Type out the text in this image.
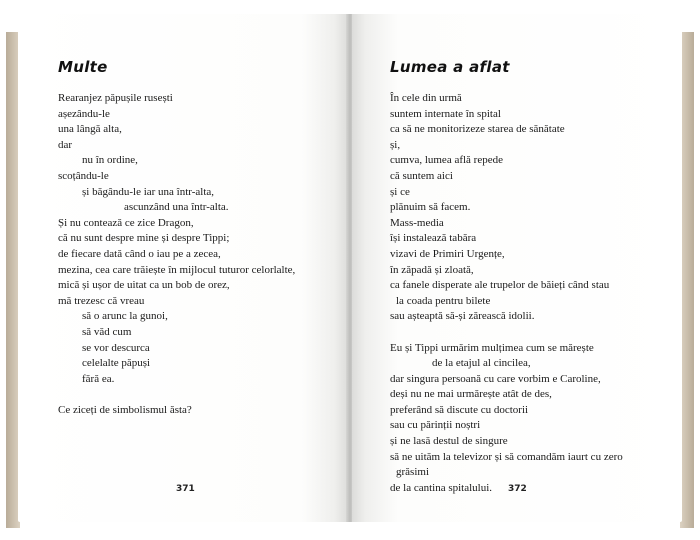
Multe
Rearanjez păpușile rusești
așezându-le
una lângă alta,
dar
nu în ordine,
scoțându-le
și băgându-le iar una într-alta,
ascunzând una într-alta.
Și nu contează ce zice Dragon,
că nu sunt despre mine și despre Tippi;
de fiecare dată când o iau pe a zecea,
mezina, cea care trăiește în mijlocul tuturor celorlalte,
mică și ușor de uitat ca un bob de orez,
mă trezesc că vreau
să o arunc la gunoi,
să văd cum
se vor descurca
celelalte păpuși
fără ea.
Ce ziceți de simbolismul ăsta?
371
Lumea a aflat
În cele din urmă
suntem internate în spital
ca să ne monitorizeze starea de sănătate
și,
cumva, lumea află repede
că suntem aici
și ce
plănuim să facem.
Mass-media
își instalează tabăra
vizavi de Primiri Urgențe,
în zăpadă și zloată,
ca fanele disperate ale trupelor de băieți când stau
la coada pentru bilete
sau așteaptă să-și zărească idolii.
Eu și Tippi urmărim mulțimea cum se mărește
de la etajul al cincilea,
dar singura persoană cu care vorbim e Caroline,
deși nu ne mai urmărește atât de des,
preferând să discute cu doctorii
sau cu părinții noștri
și ne lasă destul de singure
să ne uităm la televizor și să comandăm iaurt cu zero
grăsimi
de la cantina spitalului.	372
